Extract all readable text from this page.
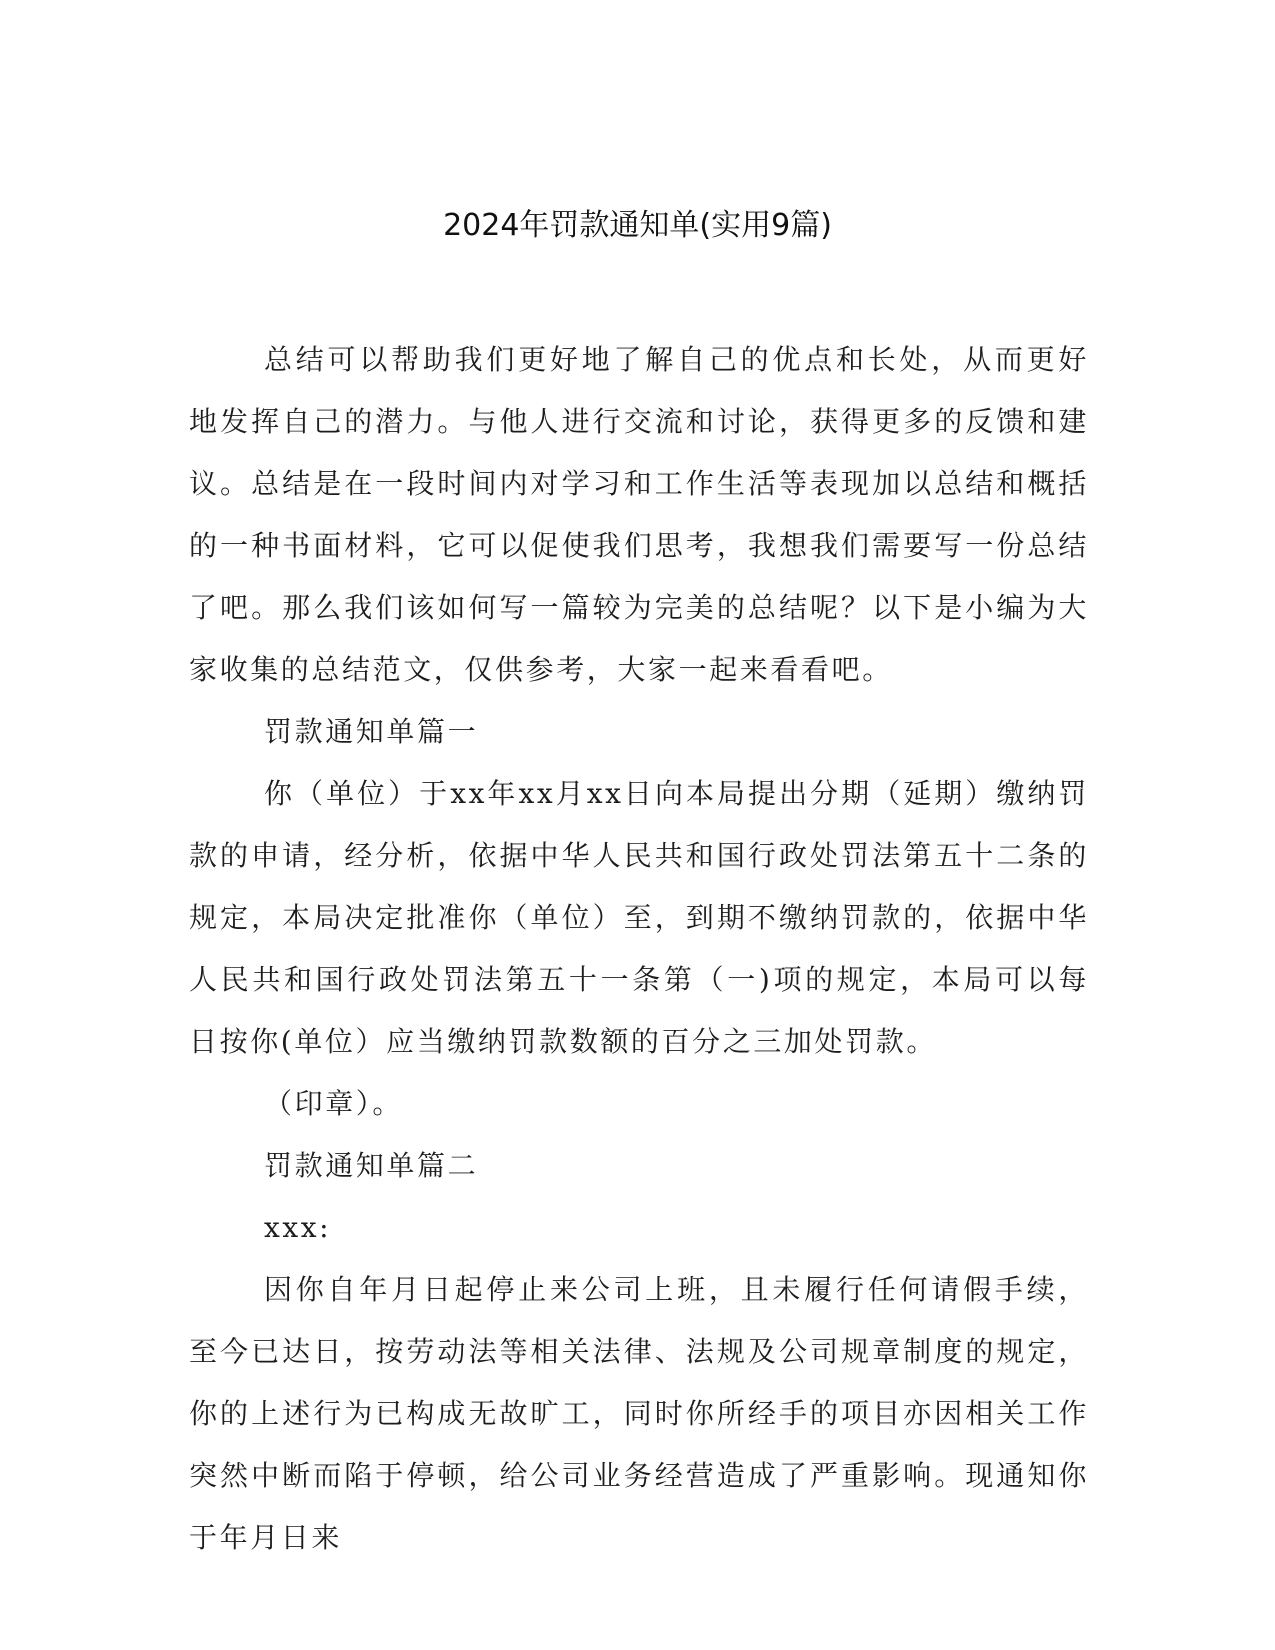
2024年罚款通知单(实用9篇)

总结可以帮助我们更好地了解自己的优点和长处，从而更好地发挥自己的潜力。与他人进行交流和讨论，获得更多的反馈和建议。总结是在一段时间内对学习和工作生活等表现加以总结和概括的一种书面材料，它可以促使我们思考，我想我们需要写一份总结了吧。那么我们该如何写一篇较为完美的总结呢？以下是小编为大家收集的总结范文，仅供参考，大家一起来看看吧。

罚款通知单篇一

你（单位）于xx年xx月xx日向本局提出分期（延期）缴纳罚款的申请，经分析，依据中华人民共和国行政处罚法第五十二条的规定，本局决定批准你（单位）至，到期不缴纳罚款的，依据中华人民共和国行政处罚法第五十一条第（一)项的规定，本局可以每日按你(单位）应当缴纳罚款数额的百分之三加处罚款。

（印章）。

罚款通知单篇二

xxx:

因你自年月日起停止来公司上班，且未履行任何请假手续，至今已达日，按劳动法等相关法律、法规及公司规章制度的规定，你的上述行为已构成无故旷工，同时你所经手的项目亦因相关工作突然中断而陷于停顿，给公司业务经营造成了严重影响。现通知你于年月日来
